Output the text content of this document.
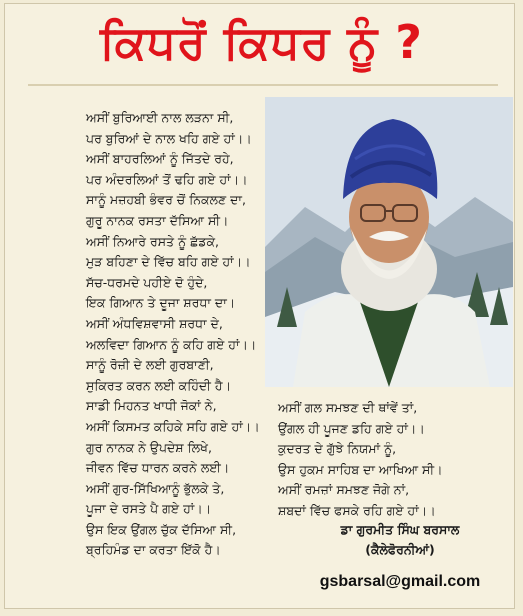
ਕਿਧਰੋਂ ਕਿਧਰ ਨੂੰ ?
ਅਸੀਂ ਬੁਰਿਆਈ ਨਾਲ ਲੜਨਾ ਸੀ,
ਪਰ ਬੁਰਿਆਂ ਦੇ ਨਾਲ ਖਹਿ ਗਏ ਹਾਂ।।
ਅਸੀਂ ਬਾਹਰਲਿਆਂ ਨੂੰ ਜਿੱਤਦੇ ਰਹੇ,
ਪਰ ਅੰਦਰਲਿਆਂ ਤੋਂ ਢਹਿ ਗਏ ਹਾਂ।।
ਸਾਨੂੰ ਮਜ਼ਹਬੀ ਭੰਵਰ ਚੋਂ ਨਿਕਲਣ ਦਾ,
ਗੁਰੂ ਨਾਨਕ ਰਸਤਾ ਦੱਸਿਆ ਸੀ।
ਅਸੀਂ ਨਿਆਰੇ ਰਸਤੇ ਨੂੰ ਛੱਡਕੇ,
ਮੁੜ ਬਹਿਣਾ ਦੇ ਵਿੱਚ ਬਹਿ ਗਏ ਹਾਂ।।
ਸੱਚ-ਧਰਮਦੇ ਪਹੀਏ ਦੋ ਹੁੰਦੇ,
ਇਕ ਗਿਆਨ ਤੇ ਦੂਜਾ ਸ਼ਰਧਾ ਦਾ।
ਅਸੀਂ ਅੰਧਵਿਸ਼ਵਾਸੀ ਸ਼ਰਧਾ ਦੇ,
ਅਲਵਿਦਾ ਗਿਆਨ ਨੂੰ ਕਹਿ ਗਏ ਹਾਂ।।
ਸਾਨੂੰ ਰੋਜ਼ੀ ਦੇ ਲਈ ਗੁਰਬਾਣੀ,
ਸੁਕਿਰਤ ਕਰਨ ਲਈ ਕਹਿੰਦੀ ਹੈ।
ਸਾਡੀ ਮਿਹਨਤ ਖਾਧੀ ਜੋਕਾਂ ਨੇ,
ਅਸੀਂ ਕਿਸਮਤ ਕਹਿਕੇ ਸਹਿ ਗਏ ਹਾਂ।।
ਗੁਰ ਨਾਨਕ ਨੇ ਉਪਦੇਸ਼ ਲਿਖੇ,
ਜੀਵਨ ਵਿੱਚ ਧਾਰਨ ਕਰਨੇ ਲਈ।
ਅਸੀਂ ਗੁਰ-ਸਿੱਖਿਆਨੂੰ ਭੁੱਲਕੇ ਤੇ,
ਪੂਜਾ ਦੇ ਰਸਤੇ ਪੈ ਗਏ ਹਾਂ।।
ਉਸ ਇਕ ਉਂਗਲ ਚੁੱਕ ਦੱਸਿਆ ਸੀ,
ਬ੍ਰਹਿਮੰਡ ਦਾ ਕਰਤਾ ਇੱਕੋ ਹੈ।
ਅਸੀਂ ਗਲ ਸਮਝਣ ਦੀ ਥਾਂਵੇਂ ਤਾਂ,
ਉਂਗਲ ਹੀ ਪੂਜਣ ਡਹਿ ਗਏ ਹਾਂ।।
ਕੁਦਰਤ ਦੇ ਗੁੱਝੇ ਨਿਯਮਾਂ ਨੂੰ,
ਉਸ ਹੁਕਮ ਸਾਹਿਬ ਦਾ ਆਖਿਆ ਸੀ।
ਅਸੀਂ ਰਮਜ਼ਾਂ ਸਮਝਣ ਜੋਗੇ ਨਾਂ,
ਸ਼ਬਦਾਂ ਵਿੱਚ ਫਸਕੇ ਰਹਿ ਗਏ ਹਾਂ।।
ਡਾ ਗੁਰਮੀਤ ਸਿੰਘ ਬਰਸਾਲ
(ਕੈਲੇਫੋਰਨੀਆਂ)
gsbarsal@gmail.com
